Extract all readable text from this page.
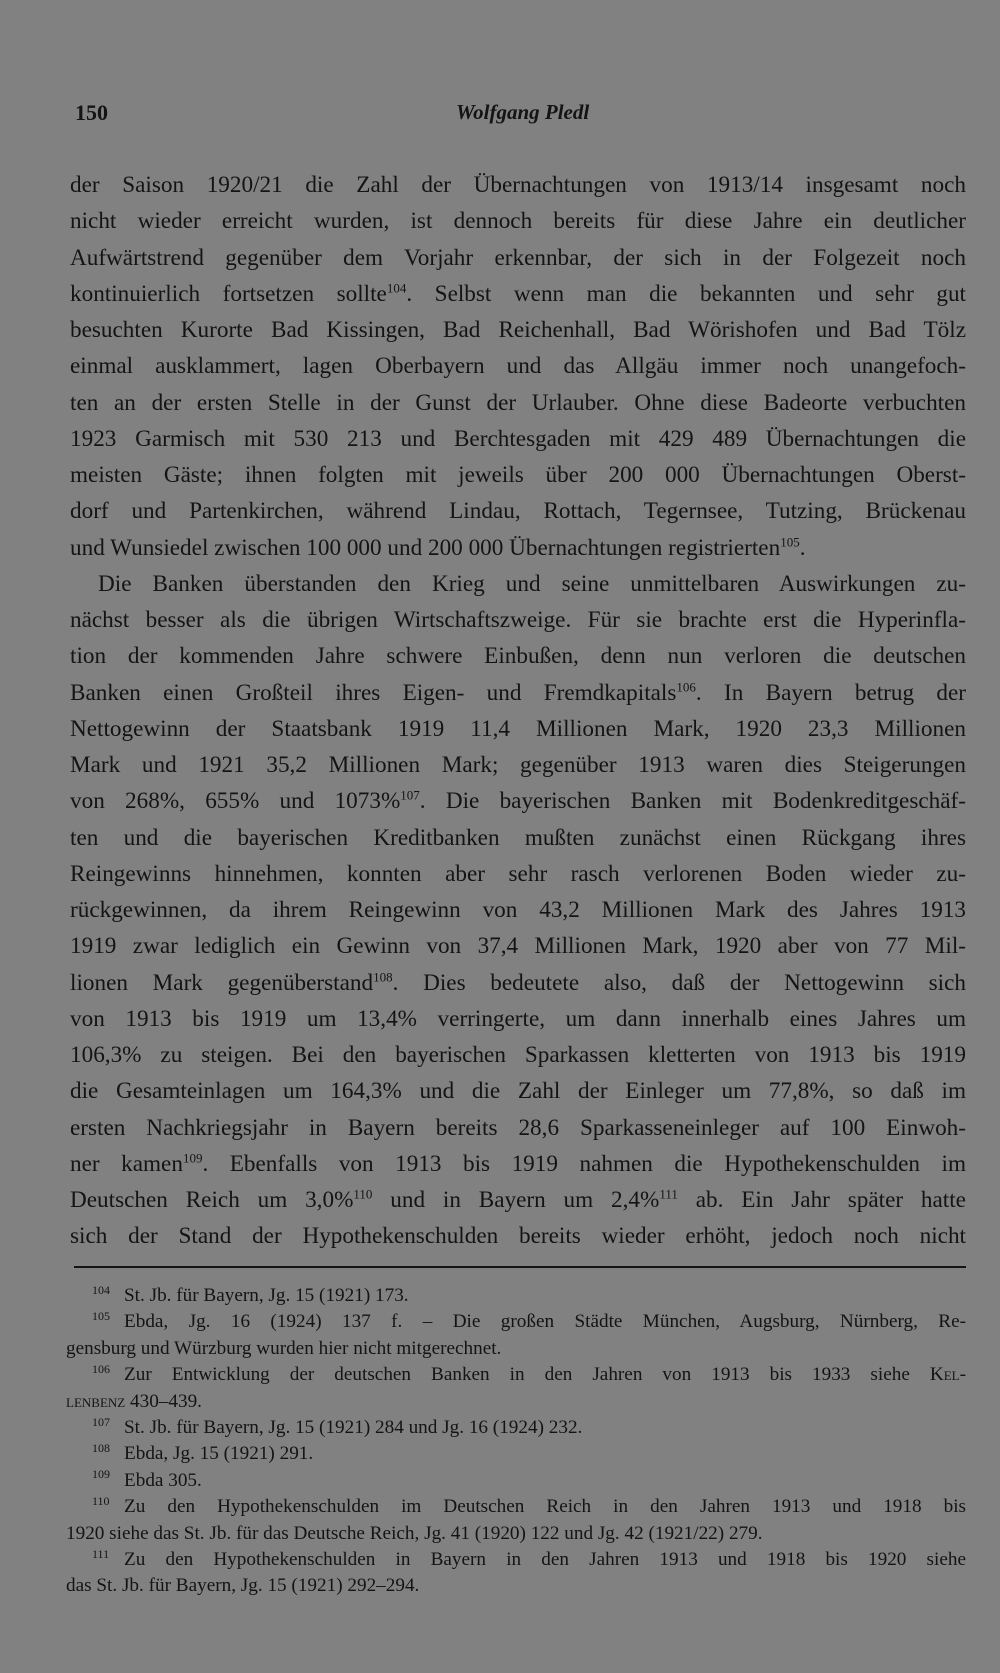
150	Wolfgang Pledl
der Saison 1920/21 die Zahl der Übernachtungen von 1913/14 insgesamt noch
nicht wieder erreicht wurden, ist dennoch bereits für diese Jahre ein deutlicher
Aufwärtstrend gegenüber dem Vorjahr erkennbar, der sich in der Folgezeit noch
kontinuierlich fortsetzen sollte$^{104}$. Selbst wenn man die bekannten und sehr gut
besuchten Kurorte Bad Kissingen, Bad Reichenhall, Bad Wörishofen und Bad Tölz
einmal ausklammert, lagen Oberbayern und das Allgäu immer noch unangefoch-
ten an der ersten Stelle in der Gunst der Urlauber. Ohne diese Badeorte verbuchten
1923 Garmisch mit 530 213 und Berchtesgaden mit 429 489 Übernachtungen die
meisten Gäste; ihnen folgten mit jeweils über 200 000 Übernachtungen Oberst-
dorf und Partenkirchen, während Lindau, Rottach, Tegernsee, Tutzing, Brückenau
und Wunsiedel zwischen 100 000 und 200 000 Übernachtungen registrierten$^{105}$.
Die Banken überstanden den Krieg und seine unmittelbaren Auswirkungen zu-
nächst besser als die übrigen Wirtschaftszweige. Für sie brachte erst die Hyperinfla-
tion der kommenden Jahre schwere Einbußen, denn nun verloren die deutschen
Banken einen Großteil ihres Eigen- und Fremdkapitals$^{106}$. In Bayern betrug der
Nettogewinn der Staatsbank 1919 11,4 Millionen Mark, 1920 23,3 Millionen
Mark und 1921 35,2 Millionen Mark; gegenüber 1913 waren dies Steigerungen
von 268%, 655% und 1073%$^{107}$. Die bayerischen Banken mit Bodenkreditgeschäf-
ten und die bayerischen Kreditbanken mußten zunächst einen Rückgang ihres
Reingewinns hinnehmen, konnten aber sehr rasch verlorenen Boden wieder zu-
rückgewinnen, da ihrem Reingewinn von 43,2 Millionen Mark des Jahres 1913
1919 zwar lediglich ein Gewinn von 37,4 Millionen Mark, 1920 aber von 77 Mil-
lionen Mark gegenüberstand$^{108}$. Dies bedeutete also, daß der Nettogewinn sich
von 1913 bis 1919 um 13,4% verringerte, um dann innerhalb eines Jahres um
106,3% zu steigen. Bei den bayerischen Sparkassen kletterten von 1913 bis 1919
die Gesamteinlagen um 164,3% und die Zahl der Einleger um 77,8%, so daß im
ersten Nachkriegsjahr in Bayern bereits 28,6 Sparkasseneinleger auf 100 Einwoh-
ner kamen$^{109}$. Ebenfalls von 1913 bis 1919 nahmen die Hypothekenschulden im
Deutschen Reich um 3,0%$^{110}$ und in Bayern um 2,4%$^{111}$ ab. Ein Jahr später hatte
sich der Stand der Hypothekenschulden bereits wieder erhöht, jedoch noch nicht
104 St. Jb. für Bayern, Jg. 15 (1921) 173.
105 Ebda, Jg. 16 (1924) 137 f. – Die großen Städte München, Augsburg, Nürnberg, Re-
gensburg und Würzburg wurden hier nicht mitgerechnet.
106 Zur Entwicklung der deutschen Banken in den Jahren von 1913 bis 1933 siehe Kel-
lenbenz 430–439.
107 St. Jb. für Bayern, Jg. 15 (1921) 284 und Jg. 16 (1924) 232.
108 Ebda, Jg. 15 (1921) 291.
109 Ebda 305.
110 Zu den Hypothekenschulden im Deutschen Reich in den Jahren 1913 und 1918 bis
1920 siehe das St. Jb. für das Deutsche Reich, Jg. 41 (1920) 122 und Jg. 42 (1921/22) 279.
111 Zu den Hypothekenschulden in Bayern in den Jahren 1913 und 1918 bis 1920 siehe
das St. Jb. für Bayern, Jg. 15 (1921) 292–294.
